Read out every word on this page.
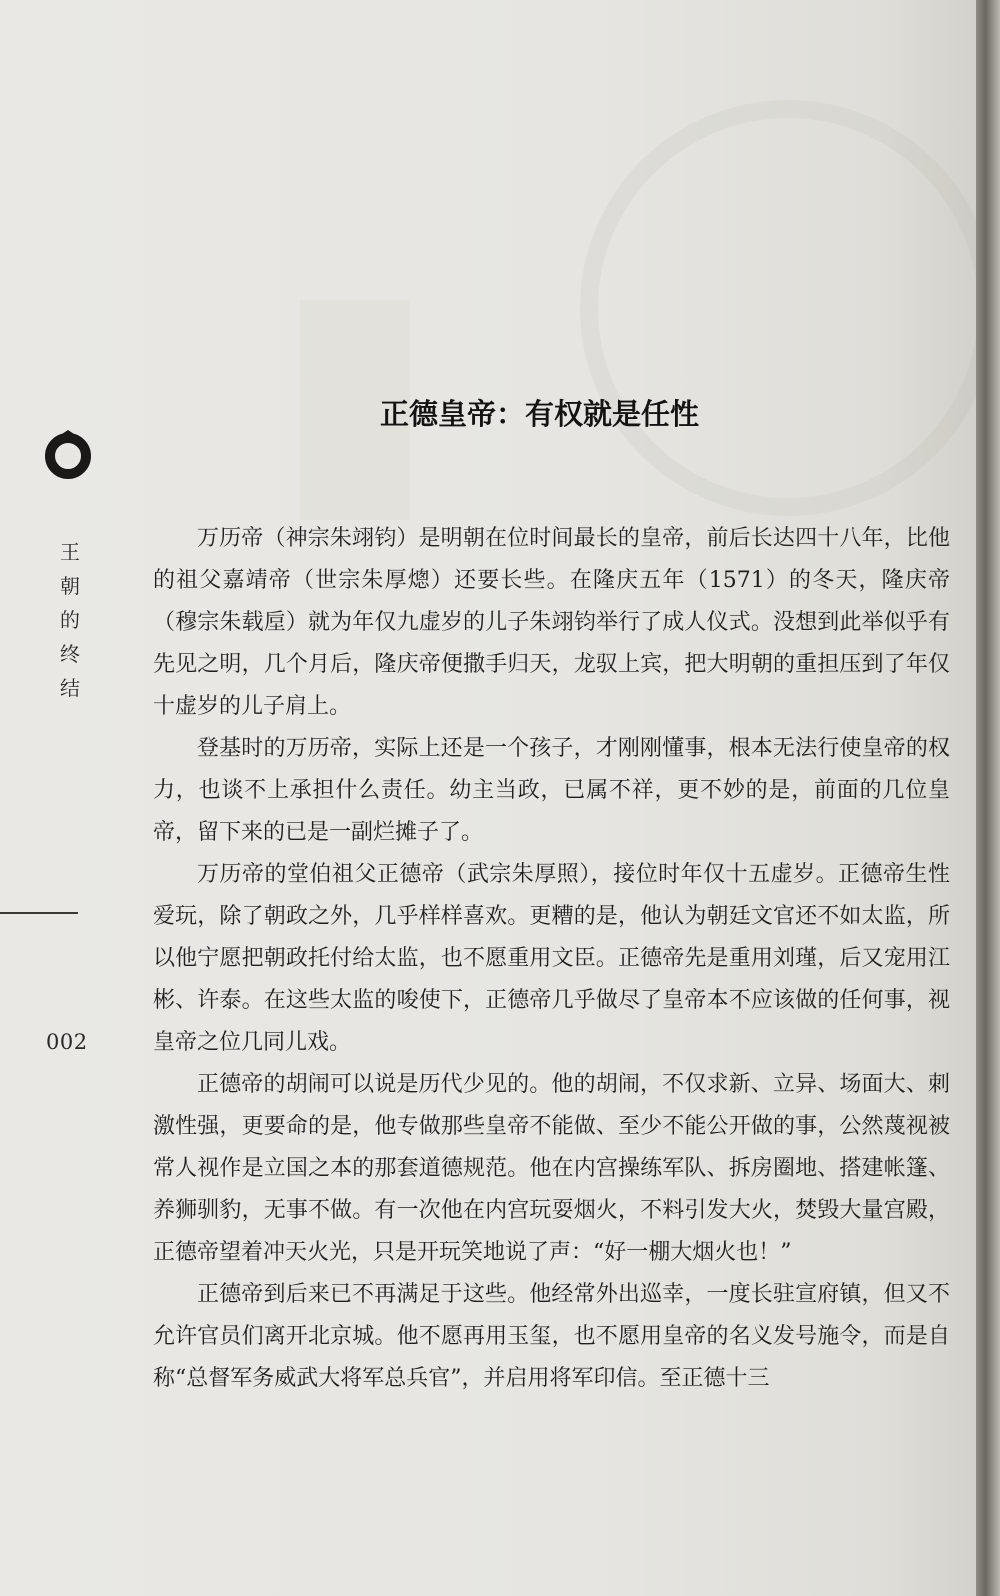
王
朝
的
终
结
002
正德皇帝：有权就是任性

万历帝（神宗朱翊钧）是明朝在位时间最长的皇帝，前后长达四十八年，比他的祖父嘉靖帝（世宗朱厚熜）还要长些。在隆庆五年（1571）的冬天，隆庆帝（穆宗朱载垕）就为年仅九虚岁的儿子朱翊钧举行了成人仪式。没想到此举似乎有先见之明，几个月后，隆庆帝便撒手归天，龙驭上宾，把大明朝的重担压到了年仅十虚岁的儿子肩上。

登基时的万历帝，实际上还是一个孩子，才刚刚懂事，根本无法行使皇帝的权力，也谈不上承担什么责任。幼主当政，已属不祥，更不妙的是，前面的几位皇帝，留下来的已是一副烂摊子了。

万历帝的堂伯祖父正德帝（武宗朱厚照），接位时年仅十五虚岁。正德帝生性爱玩，除了朝政之外，几乎样样喜欢。更糟的是，他认为朝廷文官还不如太监，所以他宁愿把朝政托付给太监，也不愿重用文臣。正德帝先是重用刘瑾，后又宠用江彬、许泰。在这些太监的唆使下，正德帝几乎做尽了皇帝本不应该做的任何事，视皇帝之位几同儿戏。

正德帝的胡闹可以说是历代少见的。他的胡闹，不仅求新、立异、场面大、刺激性强，更要命的是，他专做那些皇帝不能做、至少不能公开做的事，公然蔑视被常人视作是立国之本的那套道德规范。他在内宫操练军队、拆房圈地、搭建帐篷、养狮驯豹，无事不做。有一次他在内宫玩耍烟火，不料引发大火，焚毁大量宫殿，正德帝望着冲天火光，只是开玩笑地说了声：“好一棚大烟火也！”

正德帝到后来已不再满足于这些。他经常外出巡幸，一度长驻宣府镇，但又不允许官员们离开北京城。他不愿再用玉玺，也不愿用皇帝的名义发号施令，而是自称“总督军务威武大将军总兵官”，并启用将军印信。至正德十三
